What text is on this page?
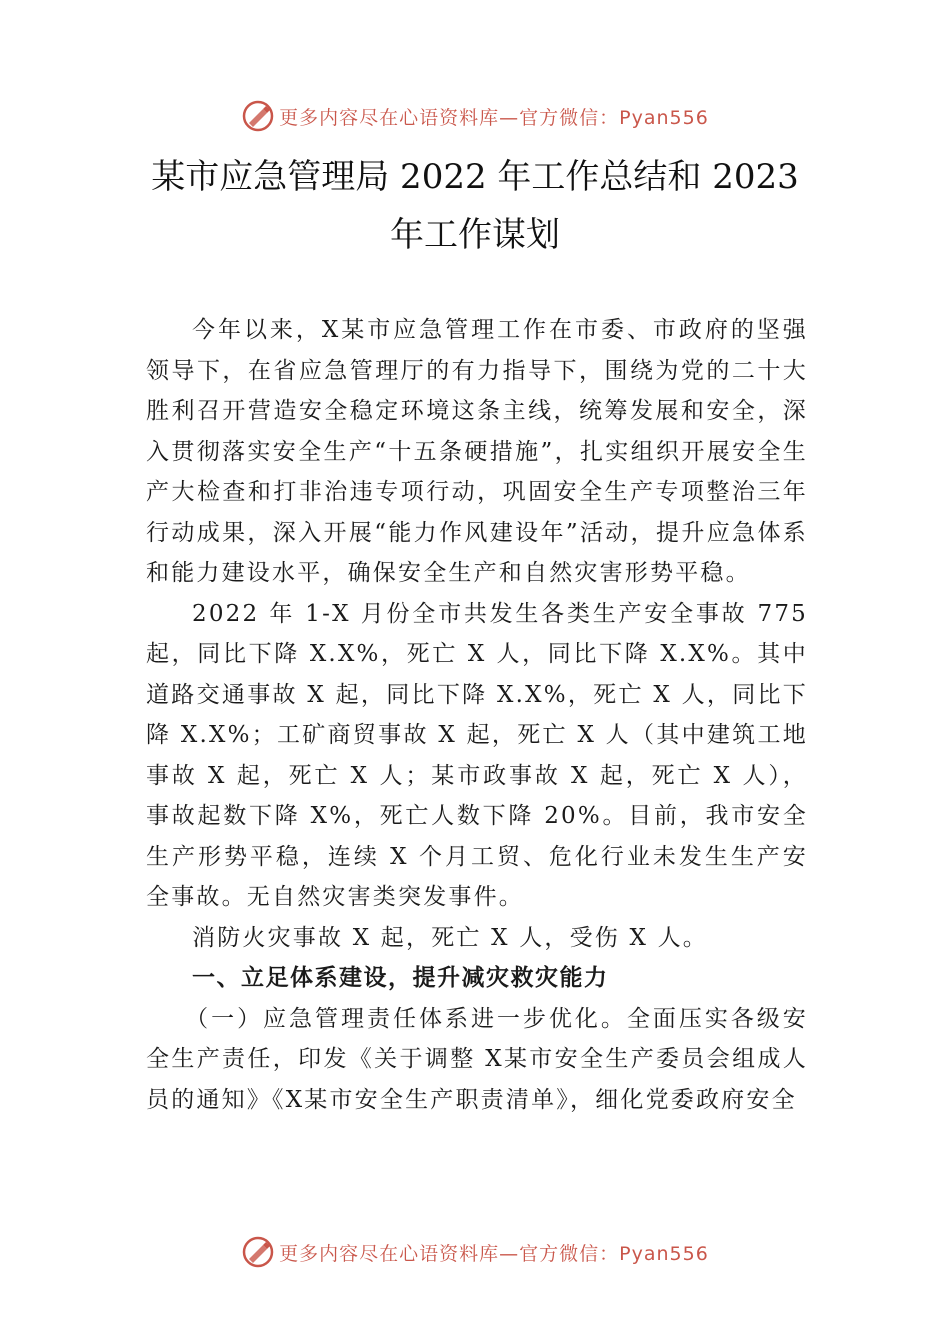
更多内容尽在心语资料库—官方微信：Pyan556
某市应急管理局 2022 年工作总结和 2023
年工作谋划

今年以来，X某市应急管理工作在市委、市政府的坚强领导下，在省应急管理厅的有力指导下，围绕为党的二十大胜利召开营造安全稳定环境这条主线，统筹发展和安全，深入贯彻落实安全生产“十五条硬措施”，扎实组织开展安全生产大检查和打非治违专项行动，巩固安全生产专项整治三年行动成果，深入开展“能力作风建设年”活动，提升应急体系和能力建设水平，确保安全生产和自然灾害形势平稳。

2022 年 1-X 月份全市共发生各类生产安全事故 775 起，同比下降 X.X%，死亡 X 人，同比下降 X.X%。其中道路交通事故 X 起，同比下降 X.X%，死亡 X 人，同比下降 X.X%；工矿商贸事故 X 起，死亡 X 人（其中建筑工地事故 X 起，死亡 X 人；某市政事故 X 起，死亡 X 人），事故起数下降 X%，死亡人数下降 20%。目前，我市安全生产形势平稳，连续 X 个月工贸、危化行业未发生生产安全事故。无自然灾害类突发事件。

消防火灾事故 X 起，死亡 X 人，受伤 X 人。

一、立足体系建设，提升减灾救灾能力

（一）应急管理责任体系进一步优化。全面压实各级安全生产责任，印发《关于调整 X某市安全生产委员会组成人员的通知》《X某市安全生产职责清单》，细化党委政府安全

更多内容尽在心语资料库—官方微信：Pyan556
